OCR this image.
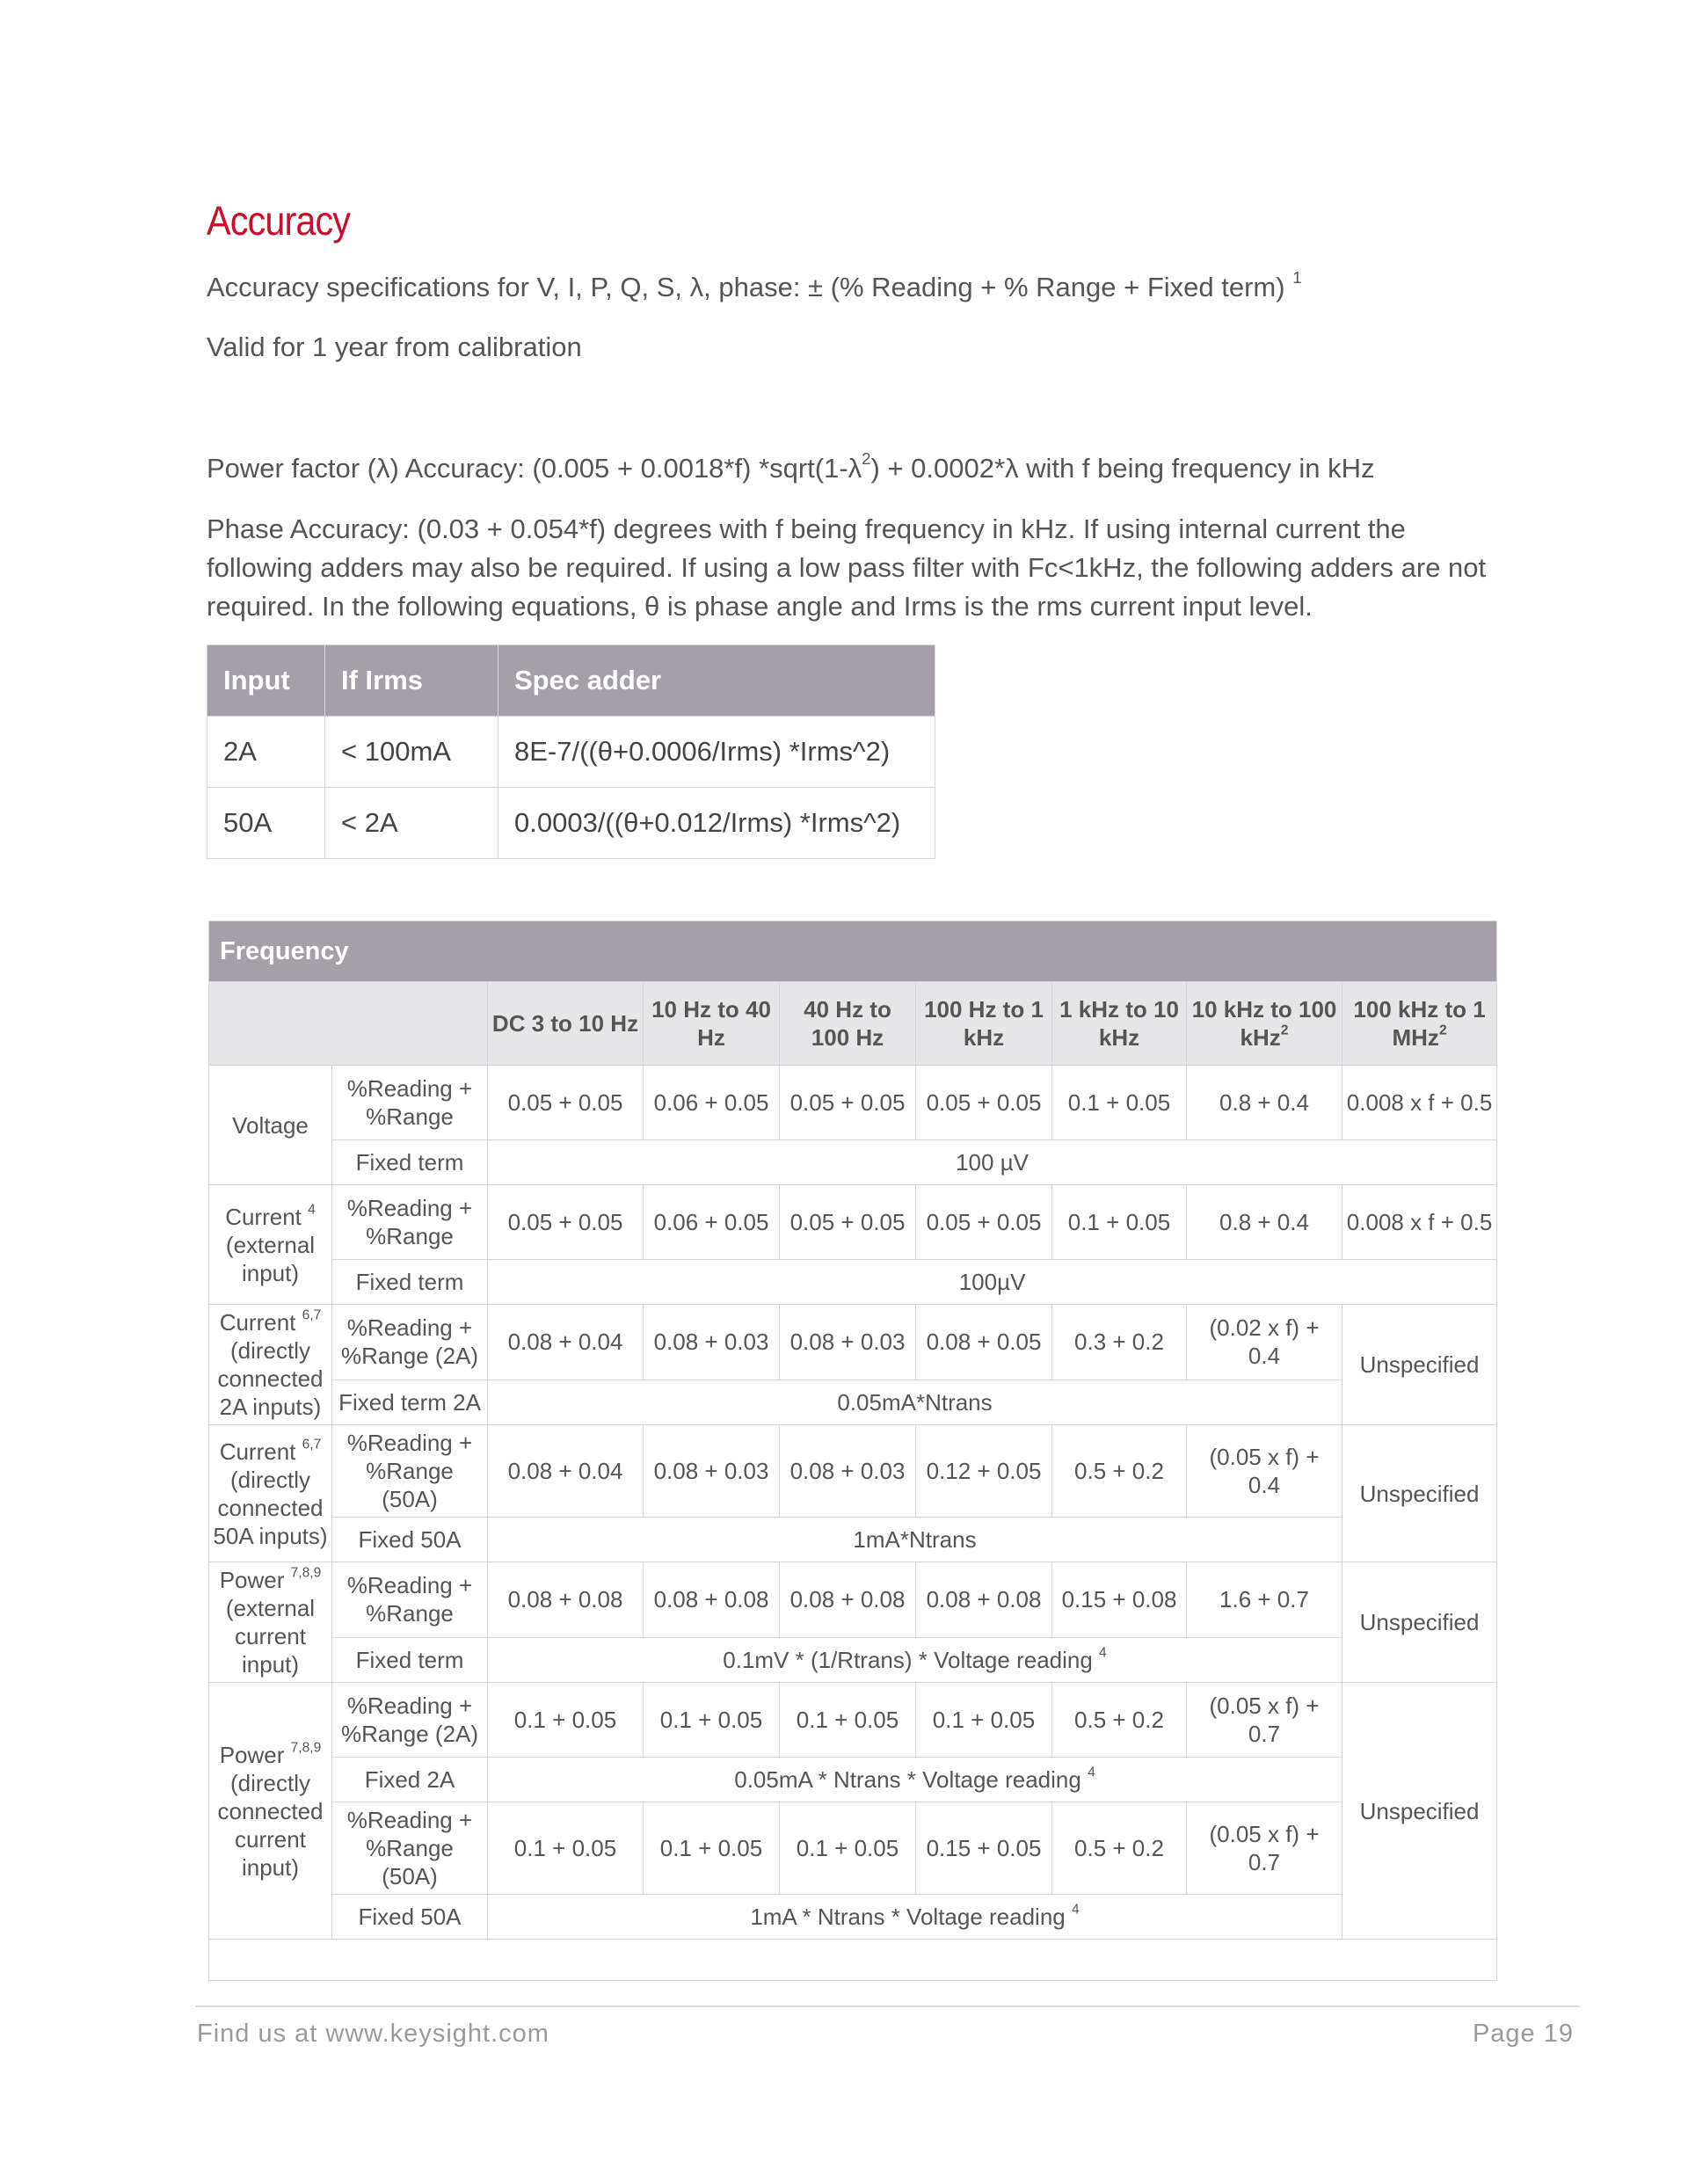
Accuracy

Accuracy specifications for V, I, P, Q, S, λ, phase: ± (% Reading + % Range + Fixed term) $^1$

Valid for 1 year from calibration

Power factor (λ) Accuracy: (0.005 + 0.0018*f) $*sqrt(1-\lambda^2) + 0.0002*\lambda$ with f being frequency in kHz

Phase Accuracy: (0.03 + 0.054*f) degrees with f being frequency in kHz. If using internal current the following adders may also be required. If using a low pass filter with Fc<1kHz, the following adders are not required. In the following equations, θ is phase angle and Irms is the rms current input level.

Input	If Irms	Spec adder
2A	< 100mA	8E-7/((θ+0.0006/Irms) *Irms^2)
50A	< 2A	0.0003/((θ+0.012/Irms) *Irms^2)
Frequency								
		DC 3 to 10 Hz	10 Hz to 40 Hz	40 Hz to 100 Hz	100 Hz to 1 kHz	1 kHz to 10 kHz	10 kHz to 100 kHz$^2$	100 kHz to 1 MHz$^2$
Voltage	%Reading + %Range	0.05 + 0.05	0.06 + 0.05	0.05 + 0.05	0.05 + 0.05	0.1 + 0.05	0.8 + 0.4	0.008 x f + 0.5
	Fixed term	100 µV						
Current $^4$
(external input)	%Reading + %Range	0.05 + 0.05	0.06 + 0.05	0.05 + 0.05	0.05 + 0.05	0.1 + 0.05	0.8 + 0.4	0.008 x f + 0.5
	Fixed term	100µV						
Current $^{6,7}$
(directly connected 2A inputs)	%Reading + %Range (2A)	0.08 + 0.04	0.08 + 0.03	0.08 + 0.03	0.08 + 0.05	0.3 + 0.2	(0.02 x f) + 0.4	Unspecified
	Fixed term 2A	0.05mA*Ntrans						
Current $^{6,7}$
(directly connected 50A inputs)	%Reading + %Range (50A)	0.08 + 0.04	0.08 + 0.03	0.08 + 0.03	0.12 + 0.05	0.5 + 0.2	(0.05 x f) + 0.4	Unspecified
	Fixed 50A	1mA*Ntrans						
Power $^{7,8,9}$
(external current input)	%Reading + %Range	0.08 + 0.08	0.08 + 0.08	0.08 + 0.08	0.08 + 0.08	0.15 + 0.08	1.6 + 0.7	Unspecified
	Fixed term	0.1mV * (1/Rtrans) * Voltage reading $^4$
Power $^{7,8,9}$
(directly connected current input)	%Reading + %Range (2A)	0.1 + 0.05	0.1 + 0.05	0.1 + 0.05	0.1 + 0.05	0.5 + 0.2	(0.05 x f) + 0.7	Unspecified
	Fixed 2A	0.05mA * Ntrans * Voltage reading $^4$
	%Reading + %Range (50A)	0.1 + 0.05	0.1 + 0.05	0.1 + 0.05	0.15 + 0.05	0.5 + 0.2	(0.05 x f) + 0.7	
	Fixed 50A	1mA * Ntrans * Voltage reading $^4$

Find us at www.keysight.com	Page 19
